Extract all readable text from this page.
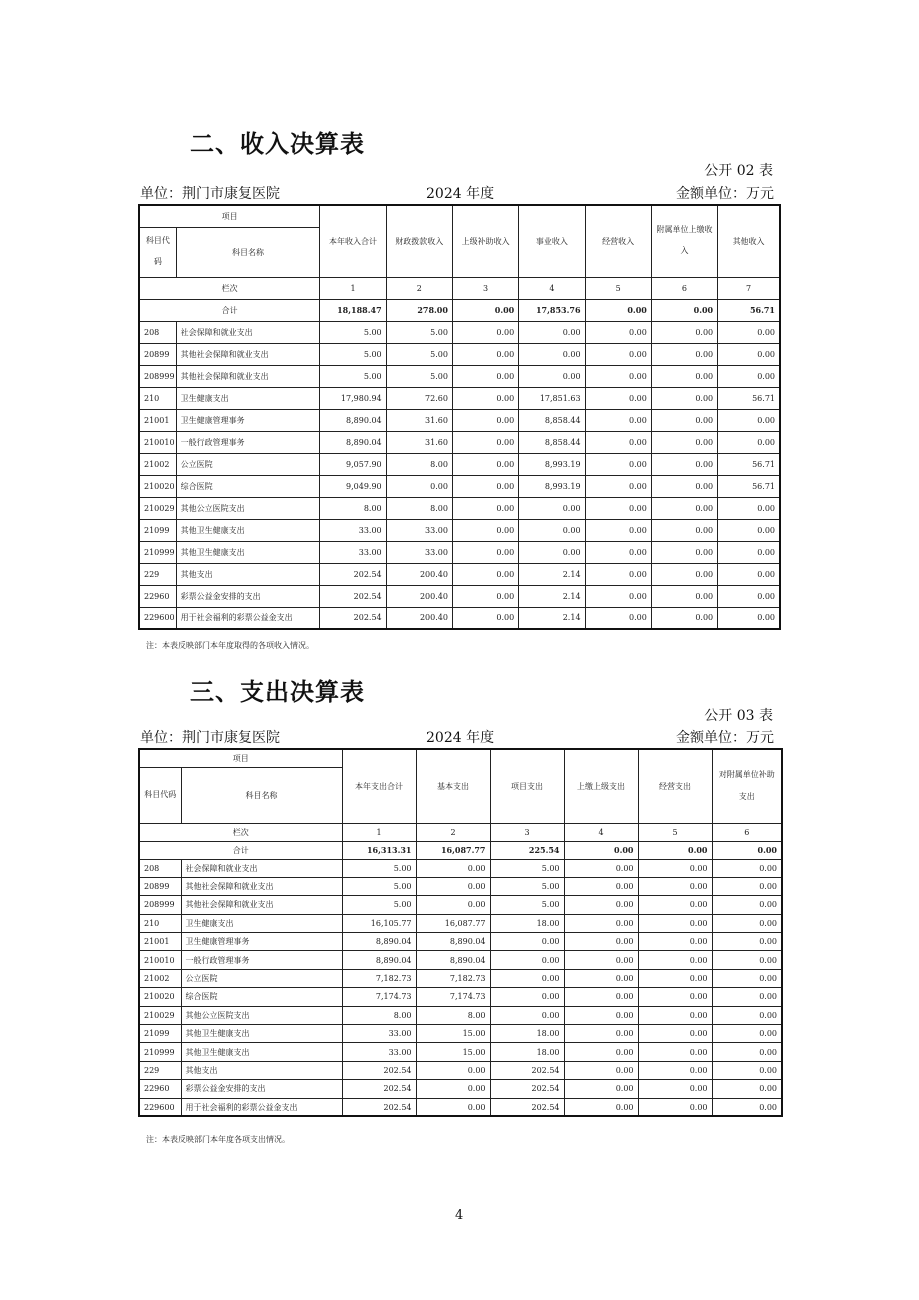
二、收入决算表
公开 02 表
单位：荆门市康复医院	2024 年度	金额单位：万元
项目		本年收入合计	财政拨款收入	上级补助收入	事业收入	经营收入	附属单位上缴收入	其他收入
科目代码	科目名称							
栏次		1	2	3	4	5	6	7
合计		18,188.47	278.00	0.00	17,853.76	0.00	0.00	56.71
208	社会保障和就业支出	5.00	5.00	0.00	0.00	0.00	0.00	0.00
20899	其他社会保障和就业支出	5.00	5.00	0.00	0.00	0.00	0.00	0.00
208999	其他社会保障和就业支出	5.00	5.00	0.00	0.00	0.00	0.00	0.00
210	卫生健康支出	17,980.94	72.60	0.00	17,851.63	0.00	0.00	56.71
21001	卫生健康管理事务	8,890.04	31.60	0.00	8,858.44	0.00	0.00	0.00
210010	一般行政管理事务	8,890.04	31.60	0.00	8,858.44	0.00	0.00	0.00
21002	公立医院	9,057.90	8.00	0.00	8,993.19	0.00	0.00	56.71
210020	综合医院	9,049.90	0.00	0.00	8,993.19	0.00	0.00	56.71
210029	其他公立医院支出	8.00	8.00	0.00	0.00	0.00	0.00	0.00
21099	其他卫生健康支出	33.00	33.00	0.00	0.00	0.00	0.00	0.00
210999	其他卫生健康支出	33.00	33.00	0.00	0.00	0.00	0.00	0.00
229	其他支出	202.54	200.40	0.00	2.14	0.00	0.00	0.00
22960	彩票公益金安排的支出	202.54	200.40	0.00	2.14	0.00	0.00	0.00
229600	用于社会福利的彩票公益金支出	202.54	200.40	0.00	2.14	0.00	0.00	0.00
注：本表反映部门本年度取得的各项收入情况。
三、支出决算表
公开 03 表
单位：荆门市康复医院	2024 年度	金额单位：万元
项目		本年支出合计	基本支出	项目支出	上缴上级支出	经营支出	对附属单位补助支出
科目代码	科目名称						
栏次		1	2	3	4	5	6
合计		16,313.31	16,087.77	225.54	0.00	0.00	0.00
208	社会保障和就业支出	5.00	0.00	5.00	0.00	0.00	0.00
20899	其他社会保障和就业支出	5.00	0.00	5.00	0.00	0.00	0.00
208999	其他社会保障和就业支出	5.00	0.00	5.00	0.00	0.00	0.00
210	卫生健康支出	16,105.77	16,087.77	18.00	0.00	0.00	0.00
21001	卫生健康管理事务	8,890.04	8,890.04	0.00	0.00	0.00	0.00
210010	一般行政管理事务	8,890.04	8,890.04	0.00	0.00	0.00	0.00
21002	公立医院	7,182.73	7,182.73	0.00	0.00	0.00	0.00
210020	综合医院	7,174.73	7,174.73	0.00	0.00	0.00	0.00
210029	其他公立医院支出	8.00	8.00	0.00	0.00	0.00	0.00
21099	其他卫生健康支出	33.00	15.00	18.00	0.00	0.00	0.00
210999	其他卫生健康支出	33.00	15.00	18.00	0.00	0.00	0.00
229	其他支出	202.54	0.00	202.54	0.00	0.00	0.00
22960	彩票公益金安排的支出	202.54	0.00	202.54	0.00	0.00	0.00
229600	用于社会福利的彩票公益金支出	202.54	0.00	202.54	0.00	0.00	0.00
注：本表反映部门本年度各项支出情况。
4
